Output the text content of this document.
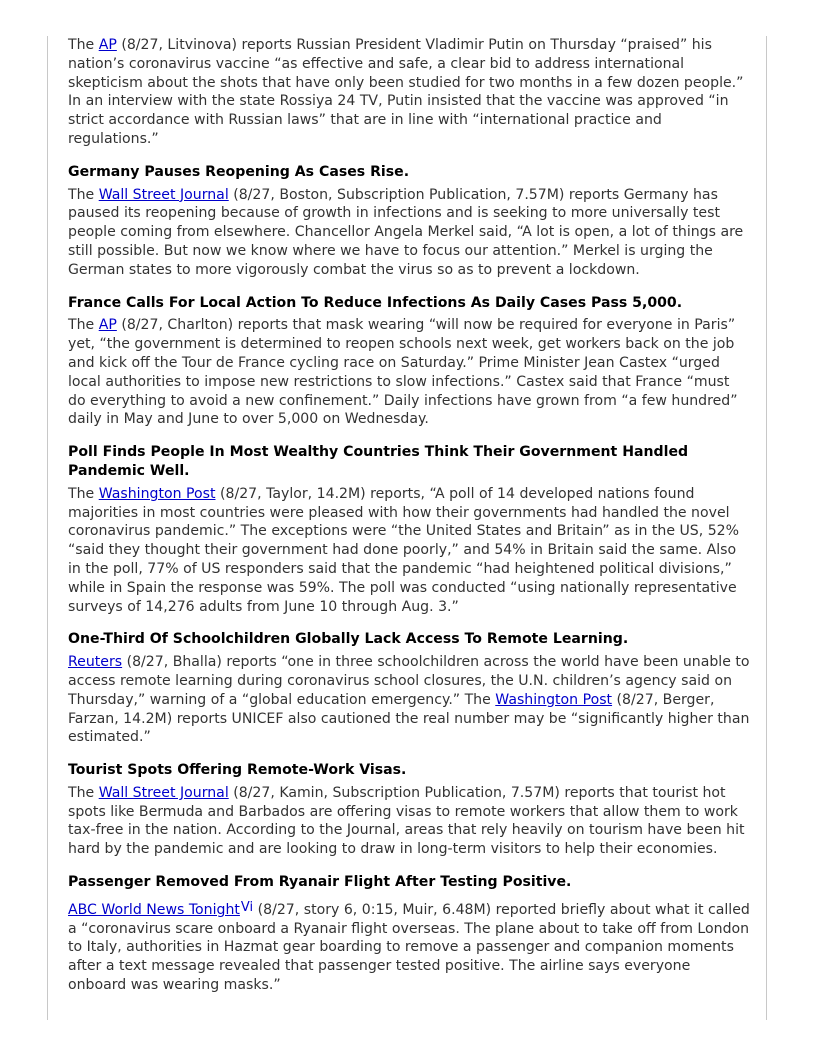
The AP (8/27, Litvinova) reports Russian President Vladimir Putin on Thursday “praised” his nation’s coronavirus vaccine “as effective and safe, a clear bid to address international skepticism about the shots that have only been studied for two months in a few dozen people.” In an interview with the state Rossiya 24 TV, Putin insisted that the vaccine was approved “in strict accordance with Russian laws” that are in line with “international practice and regulations.”

Germany Pauses Reopening As Cases Rise.

The Wall Street Journal (8/27, Boston, Subscription Publication, 7.57M) reports Germany has paused its reopening because of growth in infections and is seeking to more universally test people coming from elsewhere. Chancellor Angela Merkel said, “A lot is open, a lot of things are still possible. But now we know where we have to focus our attention.” Merkel is urging the German states to more vigorously combat the virus so as to prevent a lockdown.

France Calls For Local Action To Reduce Infections As Daily Cases Pass 5,000.

The AP (8/27, Charlton) reports that mask wearing “will now be required for everyone in Paris” yet, “the government is determined to reopen schools next week, get workers back on the job and kick off the Tour de France cycling race on Saturday.” Prime Minister Jean Castex “urged local authorities to impose new restrictions to slow infections.” Castex said that France “must do everything to avoid a new confinement.” Daily infections have grown from “a few hundred” daily in May and June to over 5,000 on Wednesday.

Poll Finds People In Most Wealthy Countries Think Their Government Handled Pandemic Well.

The Washington Post (8/27, Taylor, 14.2M) reports, “A poll of 14 developed nations found majorities in most countries were pleased with how their governments had handled the novel coronavirus pandemic.” The exceptions were “the United States and Britain” as in the US, 52% “said they thought their government had done poorly,” and 54% in Britain said the same. Also in the poll, 77% of US responders said that the pandemic “had heightened political divisions,” while in Spain the response was 59%. The poll was conducted “using nationally representative surveys of 14,276 adults from June 10 through Aug. 3.”

One-Third Of Schoolchildren Globally Lack Access To Remote Learning.

Reuters (8/27, Bhalla) reports “one in three schoolchildren across the world have been unable to access remote learning during coronavirus school closures, the U.N. children’s agency said on Thursday,” warning of a “global education emergency.” The Washington Post (8/27, Berger, Farzan, 14.2M) reports UNICEF also cautioned the real number may be “significantly higher than estimated.”

Tourist Spots Offering Remote-Work Visas.

The Wall Street Journal (8/27, Kamin, Subscription Publication, 7.57M) reports that tourist hot spots like Bermuda and Barbados are offering visas to remote workers that allow them to work tax-free in the nation. According to the Journal, areas that rely heavily on tourism have been hit hard by the pandemic and are looking to draw in long-term visitors to help their economies.

Passenger Removed From Ryanair Flight After Testing Positive.

ABC World News TonightVi (8/27, story 6, 0:15, Muir, 6.48M) reported briefly about what it called a “coronavirus scare onboard a Ryanair flight overseas. The plane about to take off from London to Italy, authorities in Hazmat gear boarding to remove a passenger and companion moments after a text message revealed that passenger tested positive. The airline says everyone onboard was wearing masks.”
